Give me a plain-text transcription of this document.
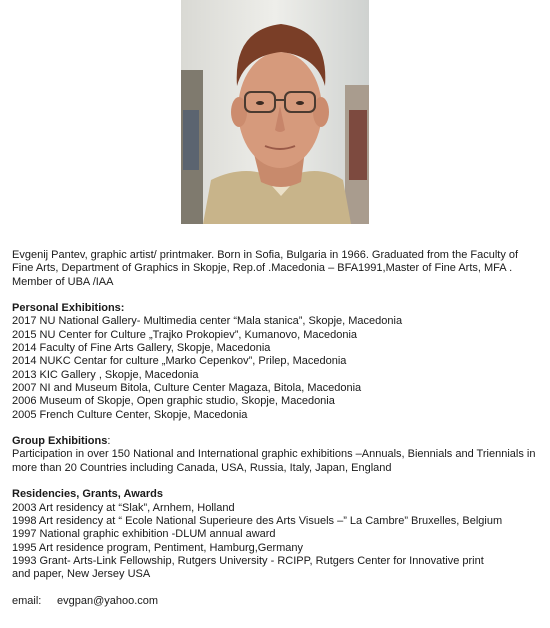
Evgenij Pantev, graphic artist/ printmaker. Born in Sofia, Bulgaria in 1966. Graduated from the Faculty of Fine Arts, Department of Graphics in Skopje, Rep.of .Macedonia – BFA1991,Master of Fine Arts, MFA . Member of UBA /IAA

Personal Exhibitions:
2017 NU National Gallery- Multimedia center “Mala stanica”, Skopje, Macedonia
2015 NU Center for Culture „Trajko Prokopiev”, Kumanovo, Macedonia
2014 Faculty of Fine Arts Gallery, Skopje, Macedonia
2014 NUKC Centar for culture „Marko Cepenkov”, Prilep, Macedonia
2013 KIC Gallery , Skopje, Macedonia
2007 NI and Museum Bitola, Culture Center Magaza, Bitola, Macedonia
2006 Museum of Skopje, Open graphic studio, Skopje, Macedonia
2005 French Culture Center, Skopje, Macedonia
Group Exhibitions:

Participation in over 150 National and International graphic exhibitions –Annuals, Biennials and Triennials in more than 20 Countries including Canada, USA, Russia, Italy, Japan, England

Residencies, Grants, Awards
2003 Art residency at “Slak”, Arnhem, Holland
1998 Art residency at “ Ecole National Superieure des Arts Visuels –” La Cambre” Bruxelles, Belgium
1997 National graphic exhibition -DLUM annual award
1995 Art residence program, Pentiment, Hamburg,Germany
1993 Grant- Arts-Link Fellowship, Rutgers University - RCIPP, Rutgers Center for Innovative print
and paper, New Jersey USA
email: evgpan@yahoo.com
